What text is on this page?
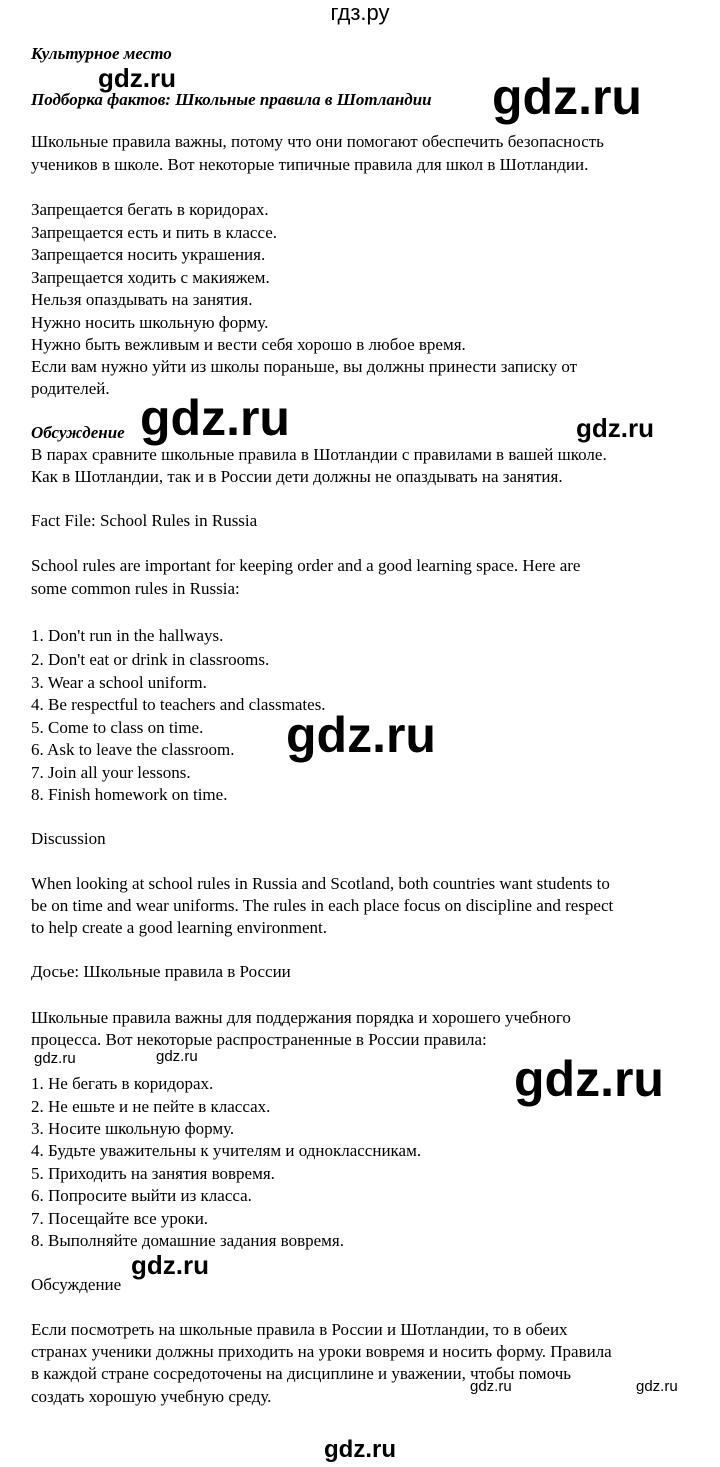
гдз.ру
Культурное место
Подборка фактов: Школьные правила в Шотландии
Школьные правила важны, потому что они помогают обеспечить безопасность
учеников в школе. Вот некоторые типичные правила для школ в Шотландии.
Запрещается бегать в коридорах.
Запрещается есть и пить в классе.
Запрещается носить украшения.
Запрещается ходить с макияжем.
Нельзя опаздывать на занятия.
Нужно носить школьную форму.
Нужно быть вежливым и вести себя хорошо в любое время.
Если вам нужно уйти из школы пораньше, вы должны принести записку от
родителей.
Обсуждение
В парах сравните школьные правила в Шотландии с правилами в вашей школе.
Как в Шотландии, так и в России дети должны не опаздывать на занятия.
Fact File: School Rules in Russia
School rules are important for keeping order and a good learning space. Here are
some common rules in Russia:
1. Don't run in the hallways.
2. Don't eat or drink in classrooms.
3. Wear a school uniform.
4. Be respectful to teachers and classmates.
5. Come to class on time.
6. Ask to leave the classroom.
7. Join all your lessons.
8. Finish homework on time.
Discussion
When looking at school rules in Russia and Scotland, both countries want students to
be on time and wear uniforms. The rules in each place focus on discipline and respect
to help create a good learning environment.
Досье: Школьные правила в России
Школьные правила важны для поддержания порядка и хорошего учебного
процесса. Вот некоторые распространенные в России правила:
1. Не бегать в коридорах.
2. Не ешьте и не пейте в классах.
3. Носите школьную форму.
4. Будьте уважительны к учителям и одноклассникам.
5. Приходить на занятия вовремя.
6. Попросите выйти из класса.
7. Посещайте все уроки.
8. Выполняйте домашние задания вовремя.
Обсуждение
Если посмотреть на школьные правила в России и Шотландии, то в обеих
странах ученики должны приходить на уроки вовремя и носить форму. Правила
в каждой стране сосредоточены на дисциплине и уважении, чтобы помочь
создать хорошую учебную среду.
gdz.ru	gdz.ru
gdz.ru	gdz.ru
gdz.ru
gdz.ru	gdz.ru	gdz.ru
gdz.ru
gdz.ru	gdz.ru
gdz.ru
